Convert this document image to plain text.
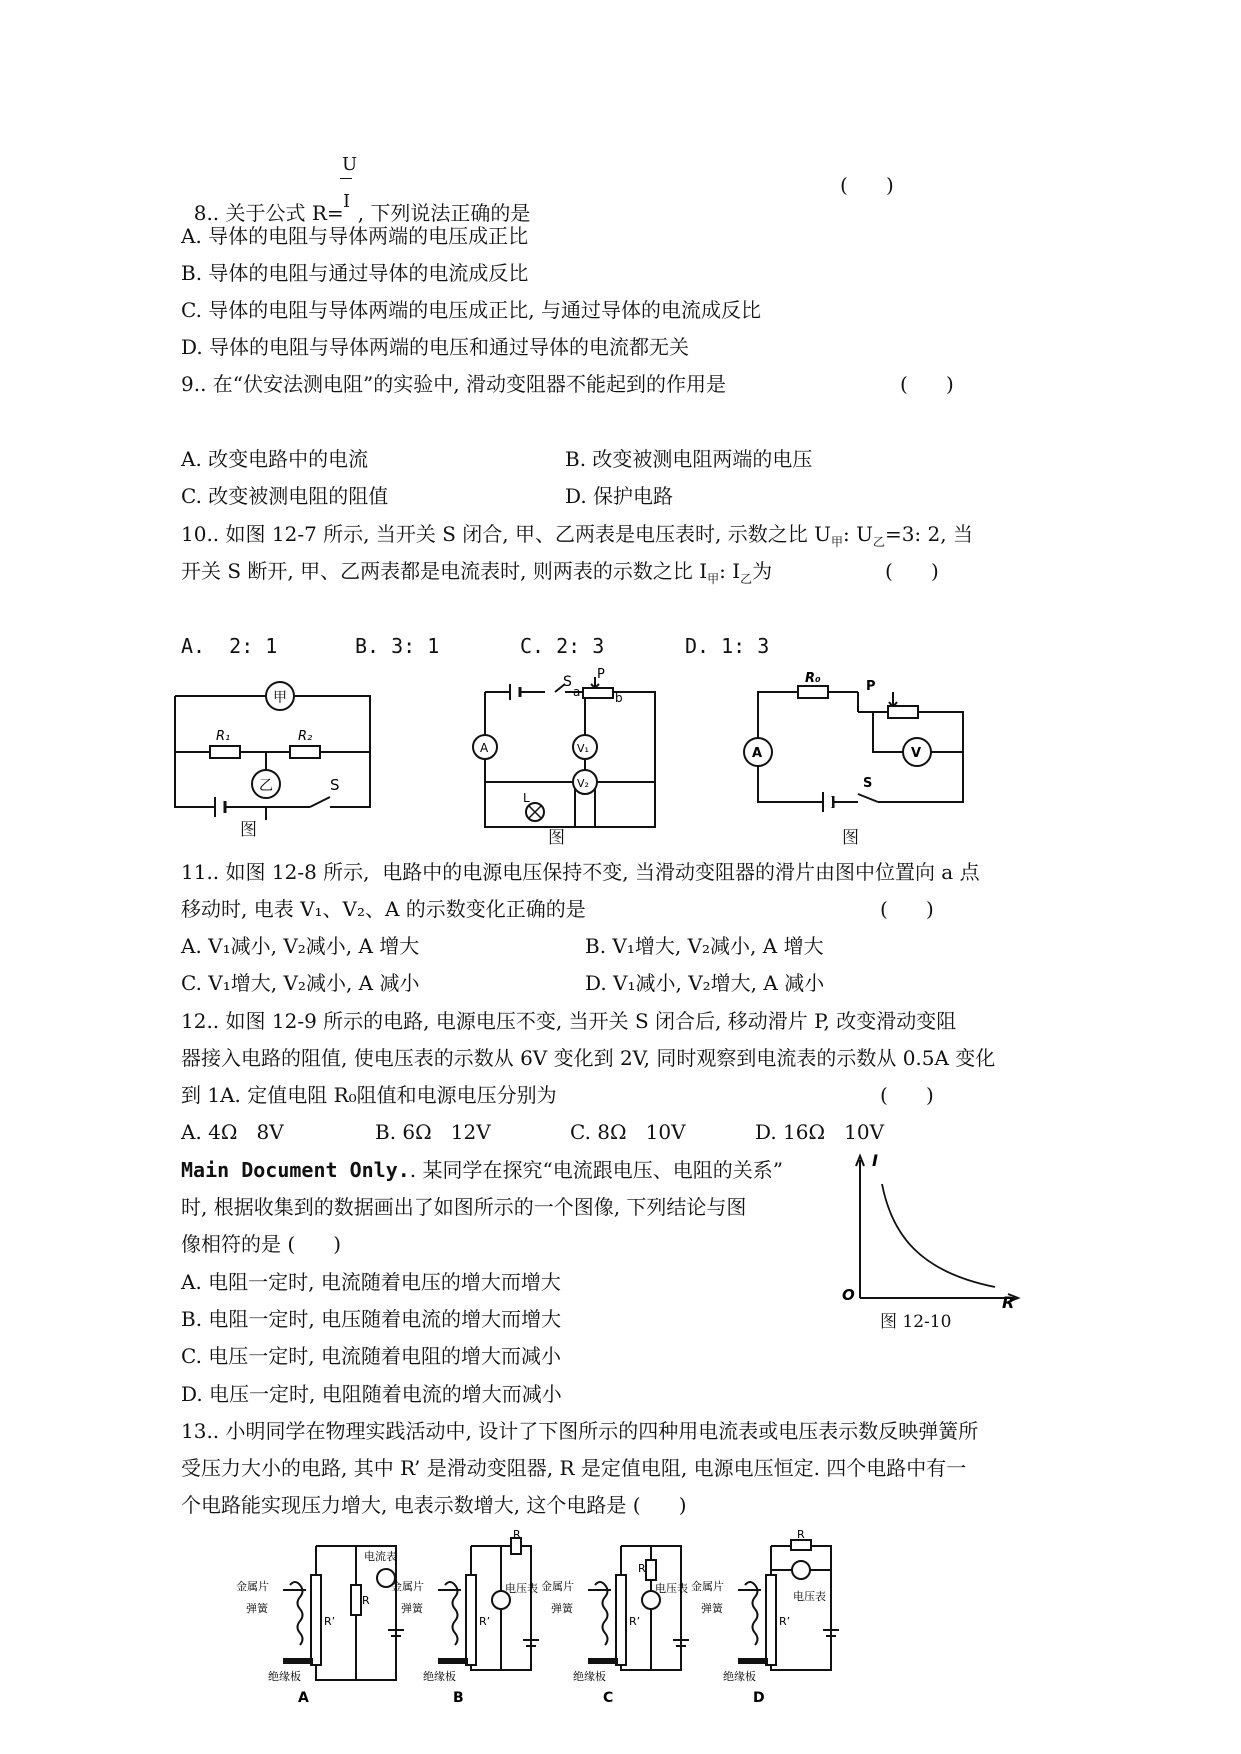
8.. 关于公式 R= , 下列说法正确的是

U
I
(      )
A. 导体的电阻与导体两端的电压成正比
B. 导体的电阻与通过导体的电流成反比
C. 导体的电阻与导体两端的电压成正比, 与通过导体的电流成反比
D. 导体的电阻与导体两端的电压和通过导体的电流都无关
9.. 在“伏安法测电阻”的实验中, 滑动变阻器不能起到的作用是	(      )
A. 改变电路中的电流	B. 改变被测电阻两端的电压
C. 改变被测电阻的阻值	D. 保护电路
10.. 如图 12-7 所示, 当开关 S 闭合, 甲、乙两表是电压表时, 示数之比 $U_甲$: $U_乙=3$: 2, 当
开关 S 断开, 甲、乙两表都是电流表时, 则两表的示数之比 $I_甲$: $I_乙$为	(      )
A.  2: 1	B. 3: 1	C. 2: 3	D. 1: 3
甲
乙
R₁	R₂
S
图
S P
a	b
A	V₁
V₂
L
图
R₀
P
A	V
S
图
11.. 如图 12-8 所示,  电路中的电源电压保持不变, 当滑动变阻器的滑片由图中位置向 a 点
移动时, 电表 V₁、V₂、A 的示数变化正确的是	(      )
A. V₁减小, V₂减小, A 增大	B. V₁增大, V₂减小, A 增大
C. V₁增大, V₂减小, A 减小	D. V₁减小, V₂增大, A 减小
12.. 如图 12-9 所示的电路, 电源电压不变, 当开关 S 闭合后, 移动滑片 P, 改变滑动变阻
器接入电路的阻值, 使电压表的示数从 6V 变化到 2V, 同时观察到电流表的示数从 0.5A 变化
到 1A. 定值电阻 R₀阻值和电源电压分别为	(      )
A. 4Ω   8V	B. 6Ω   12V	C. 8Ω   10V	D. 16Ω   10V
Main Document Only.. 某同学在探究“电流跟电压、电阻的关系”
时, 根据收集到的数据画出了如图所示的一个图像, 下列结论与图
像相符的是 (      )
A. 电阻一定时, 电流随着电压的增大而增大
B. 电阻一定时, 电压随着电流的增大而增大
C. 电压一定时, 电流随着电阻的增大而减小
D. 电压一定时, 电阻随着电流的增大而减小
I
O	R
图 12-10
13.. 小明同学在物理实践活动中, 设计了下图所示的四种用电流表或电压表示数反映弹簧所
受压力大小的电路, 其中 R’ 是滑动变阻器, R 是定值电阻, 电源电压恒定. 四个电路中有一
个电路能实现压力增大, 电表示数增大, 这个电路是 (      )
电流表
金属片
弹簧
绝缘板
R
R’
A
电压表
金属片
弹簧
绝缘板
R
R’
B
电压表
金属片
弹簧
绝缘板
R
R’
C
电压表
金属片
弹簧
绝缘板
R
R’
D
